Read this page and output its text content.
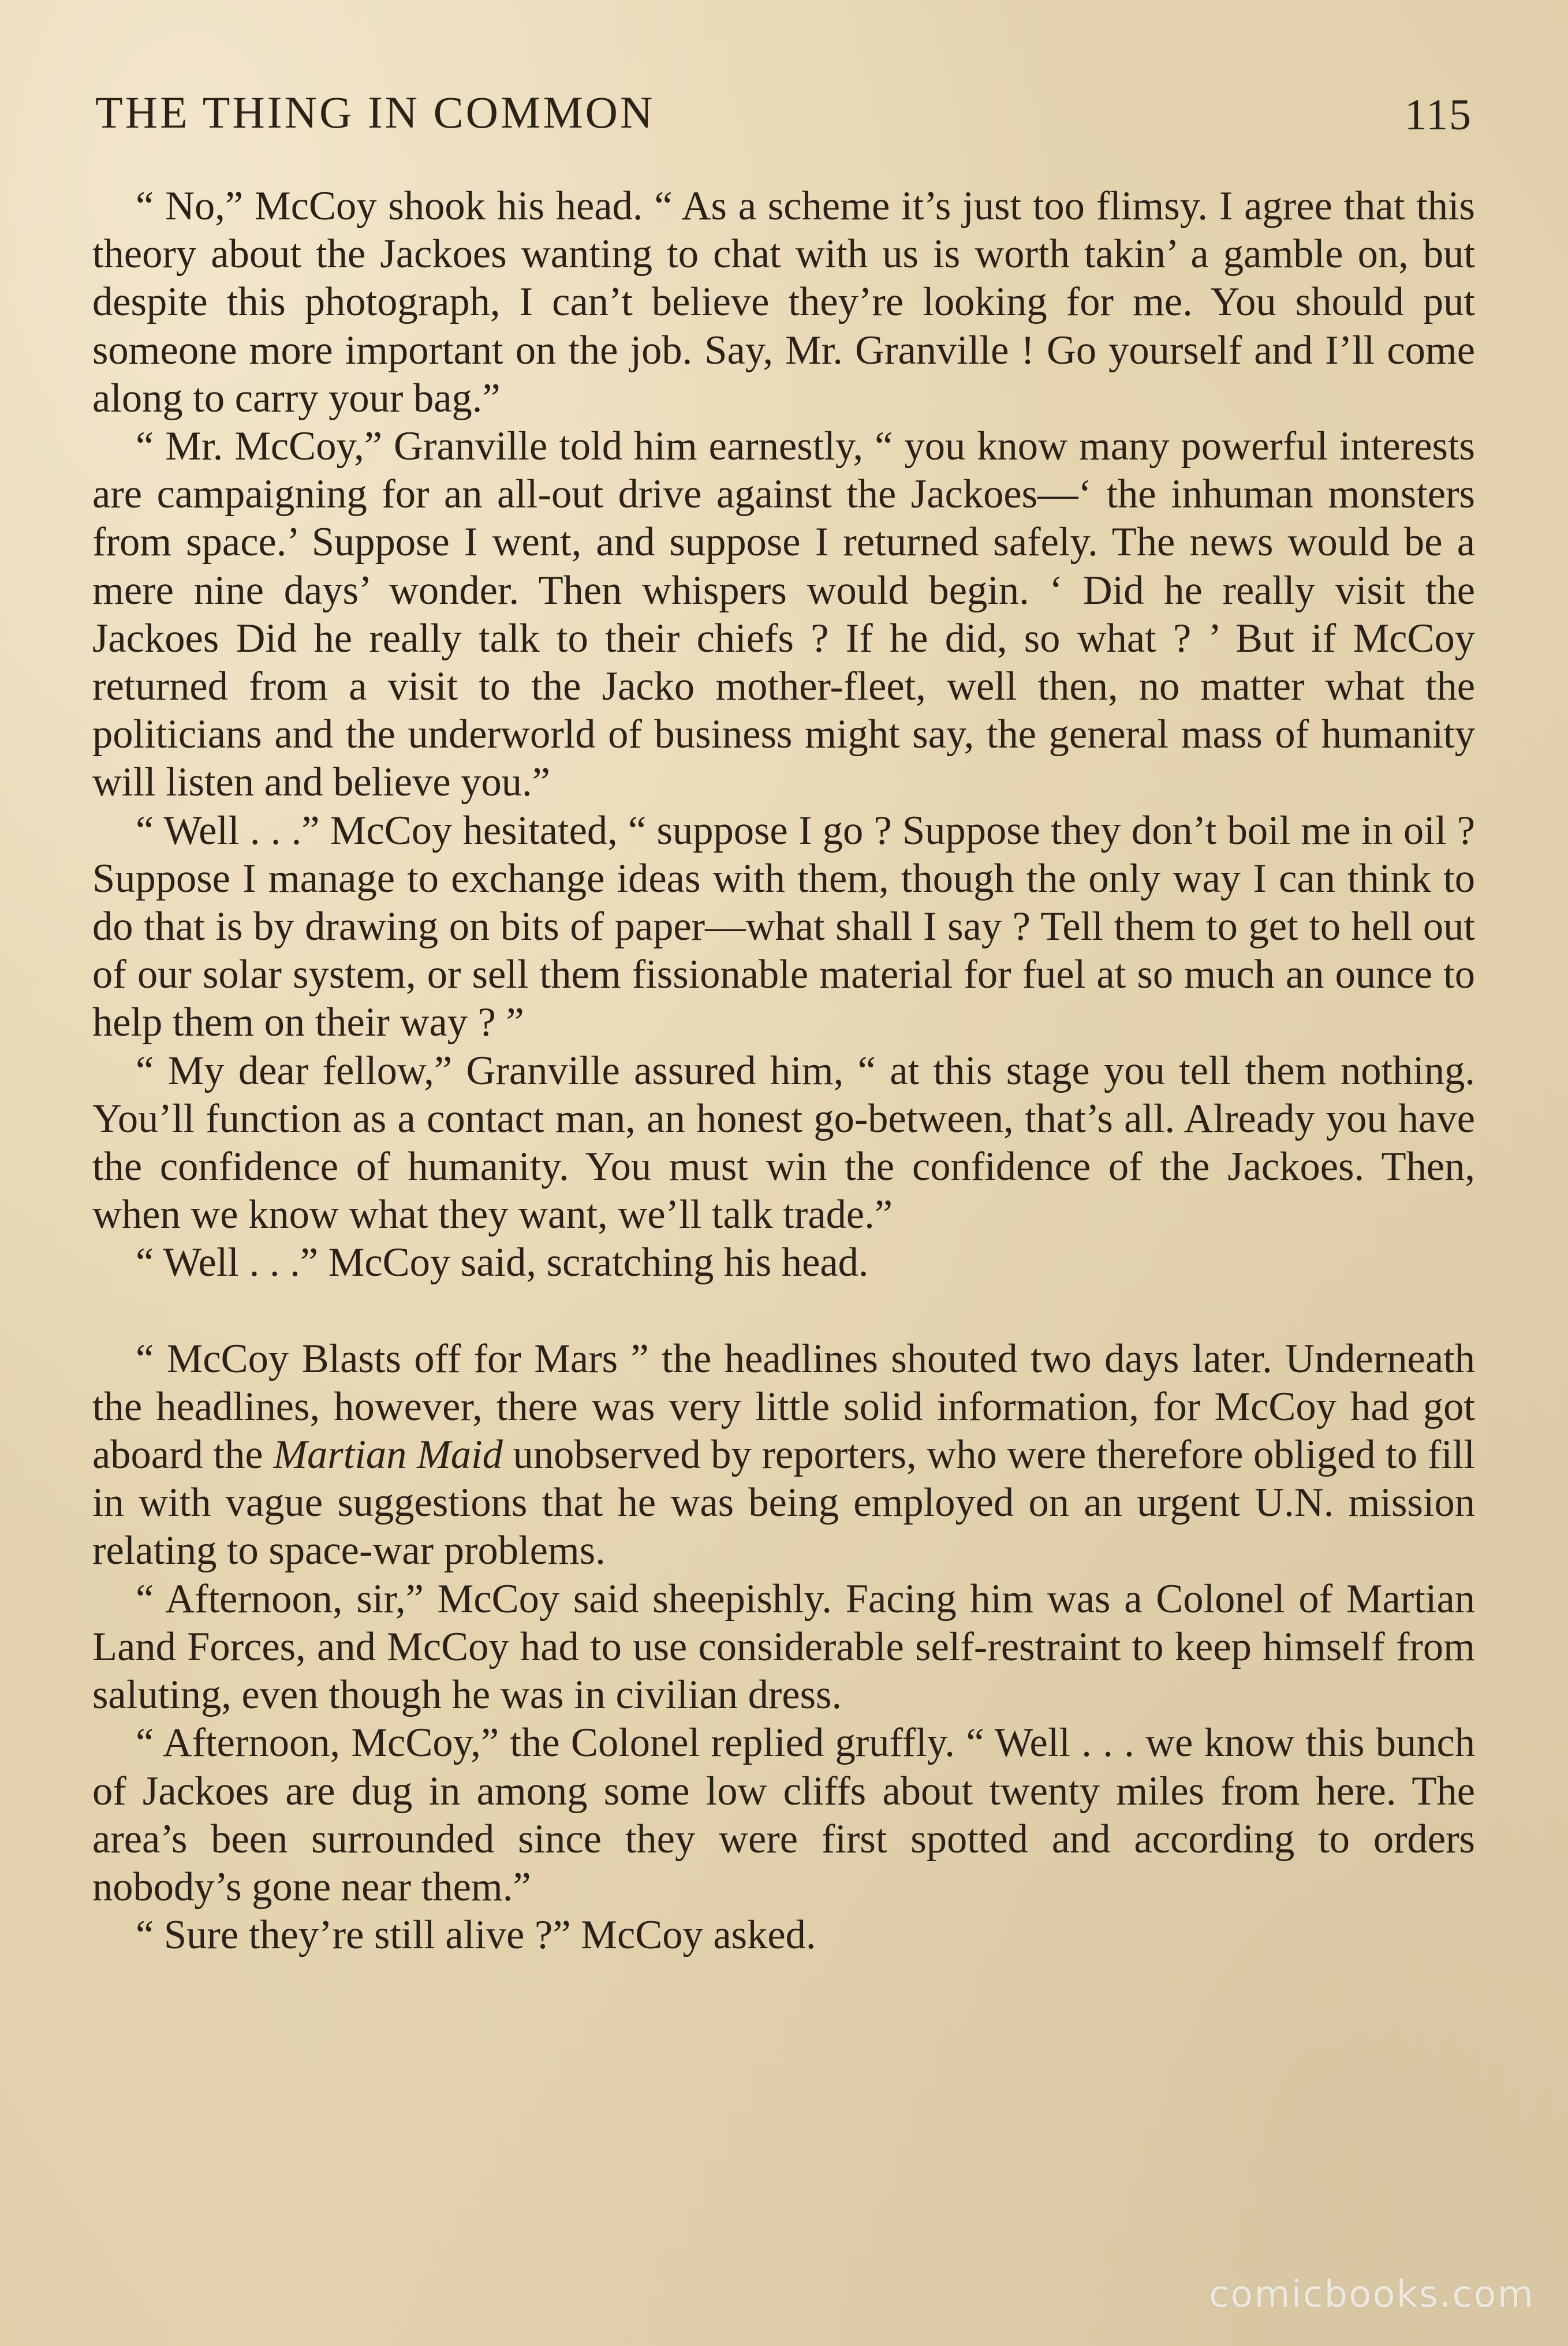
THE THING IN COMMON	115

“ No,” McCoy shook his head. “ As a scheme it’s just too flimsy. I agree that this theory about the Jackoes wanting to chat with us is worth takin’ a gamble on, but despite this photograph, I can’t believe they’re looking for me. You should put someone more important on the job. Say, Mr. Granville ! Go yourself and I’ll come along to carry your bag.”

“ Mr. McCoy,” Granville told him earnestly, “ you know many powerful interests are campaigning for an all-out drive against the Jackoes—‘ the inhuman monsters from space.’ Suppose I went, and suppose I returned safely. The news would be a mere nine days’ wonder. Then whispers would begin. ‘ Did he really visit the Jackoes Did he really talk to their chiefs ? If he did, so what ? ’ But if McCoy returned from a visit to the Jacko mother-fleet, well then, no matter what the politicians and the underworld of business might say, the general mass of humanity will listen and believe you.”

“ Well . . .” McCoy hesitated, “ suppose I go ? Suppose they don’t boil me in oil ? Suppose I manage to exchange ideas with them, though the only way I can think to do that is by drawing on bits of paper—what shall I say ? Tell them to get to hell out of our solar system, or sell them fissionable material for fuel at so much an ounce to help them on their way ? ”

“ My dear fellow,” Granville assured him, “ at this stage you tell them nothing. You’ll function as a contact man, an honest go-between, that’s all. Already you have the confidence of humanity. You must win the confidence of the Jackoes. Then, when we know what they want, we’ll talk trade.”

“ Well . . .” McCoy said, scratching his head.

“ McCoy Blasts off for Mars ” the headlines shouted two days later. Underneath the headlines, however, there was very little solid information, for McCoy had got aboard the Martian Maid unobserved by reporters, who were therefore obliged to fill in with vague suggestions that he was being employed on an urgent U.N. mission relating to space-war problems.

“ Afternoon, sir,” McCoy said sheepishly. Facing him was a Colonel of Martian Land Forces, and McCoy had to use considerable self-restraint to keep himself from saluting, even though he was in civilian dress.

“ Afternoon, McCoy,” the Colonel replied gruffly. “ Well . . . we know this bunch of Jackoes are dug in among some low cliffs about twenty miles from here. The area’s been surrounded since they were first spotted and according to orders nobody’s gone near them.”

“ Sure they’re still alive ?” McCoy asked.

comicbooks.com
